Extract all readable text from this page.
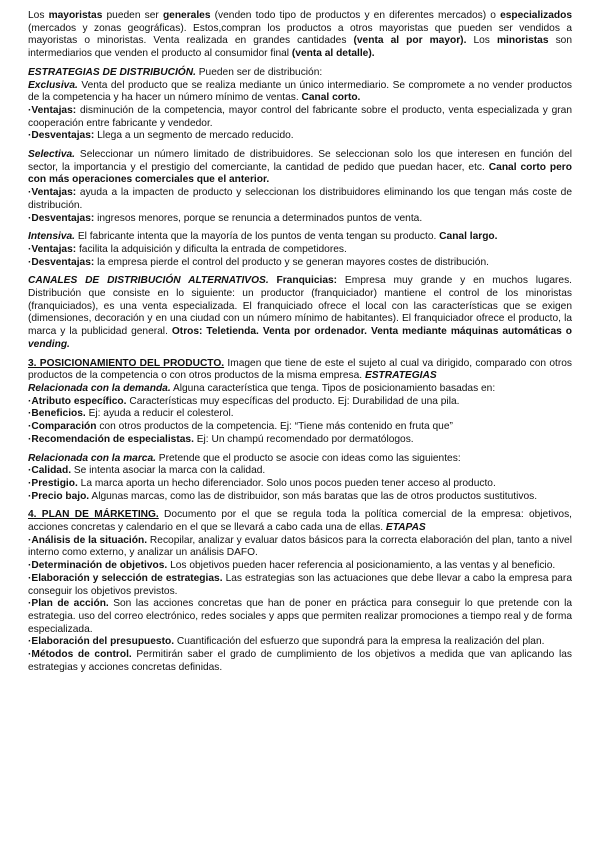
Los mayoristas pueden ser generales (venden todo tipo de productos y en diferentes mercados) o especializados (mercados y zonas geográficas). Estos,compran los productos a otros mayoristas que pueden ser vendidos a mayoristas o minoristas. Venta realizada en grandes cantidades (venta al por mayor). Los minoristas son intermediarios que venden el producto al consumidor final (venta al detalle).

ESTRATEGIAS DE DISTRIBUCIÓN. Pueden ser de distribución:

Exclusiva. Venta del producto que se realiza mediante un único intermediario. Se compromete a no vender productos de la competencia y ha hacer un número mínimo de ventas. Canal corto.

·Ventajas: disminución de la competencia, mayor control del fabricante sobre el producto, venta especializada y gran cooperación entre fabricante y vendedor.

·Desventajas: Llega a un segmento de mercado reducido.

Selectiva. Seleccionar un número limitado de distribuidores. Se seleccionan solo los que interesen en función del sector, la importancia y el prestigio del comerciante, la cantidad de pedido que puedan hacer, etc. Canal corto pero con más operaciones comerciales que el anterior.

·Ventajas: ayuda a la impacten de producto y seleccionan los distribuidores eliminando los que tengan más coste de distribución.

·Desventajas: ingresos menores, porque se renuncia a determinados puntos de venta.

Intensiva. El fabricante intenta que la mayoría de los puntos de venta tengan su producto. Canal largo.

·Ventajas: facilita la adquisición y dificulta la entrada de competidores.

·Desventajas: la empresa pierde el control del producto y se generan mayores costes de distribución.

CANALES DE DISTRIBUCIÓN ALTERNATIVOS. Franquicias: Empresa muy grande y en muchos lugares. Distribución que consiste en lo siguiente: un productor (franquiciador) mantiene el control de los minoristas (franquiciados), es una venta especializada. El franquiciado ofrece el local con las características que se exigen (dimensiones, decoración y en una ciudad con un número mínimo de habitantes). El franquiciador ofrece el producto, la marca y la publicidad general. Otros: Teletienda. Venta por ordenador. Venta mediante máquinas automáticas o vending.

3. POSICIONAMIENTO DEL PRODUCTO. Imagen que tiene de este el sujeto al cual va dirigido, comparado con otros productos de la competencia o con otros productos de la misma empresa. ESTRATEGIAS

Relacionada con la demanda. Alguna característica que tenga. Tipos de posicionamiento basadas en:

·Atributo específico. Características muy específicas del producto. Ej: Durabilidad de una pila.

·Beneficios. Ej: ayuda a reducir el colesterol.

·Comparación con otros productos de la competencia. Ej: “Tiene más contenido en fruta que”

·Recomendación de especialistas. Ej: Un champú recomendado por dermatólogos.

Relacionada con la marca. Pretende que el producto se asocie con ideas como las siguientes:

·Calidad. Se intenta asociar la marca con la calidad.

·Prestigio. La marca aporta un hecho diferenciador. Solo unos pocos pueden tener acceso al producto.

·Precio bajo. Algunas marcas, como las de distribuidor, son más baratas que las de otros productos sustitutivos.

4. PLAN DE MÁRKETING. Documento por el que se regula toda la política comercial de la empresa: objetivos, acciones concretas y calendario en el que se llevará a cabo cada una de ellas. ETAPAS

·Análisis de la situación. Recopilar, analizar y evaluar datos básicos para la correcta elaboración del plan, tanto a nivel interno como externo, y analizar un análisis DAFO.

·Determinación de objetivos. Los objetivos pueden hacer referencia al posicionamiento, a las ventas y al beneficio.

·Elaboración y selección de estrategias. Las estrategias son las actuaciones que debe llevar a cabo la empresa para conseguir los objetivos previstos.

·Plan de acción. Son las acciones concretas que han de poner en práctica para conseguir lo que pretende con la estrategia. uso del correo electrónico, redes sociales y apps que permiten realizar promociones a tiempo real y de forma especializada.

·Elaboración del presupuesto. Cuantificación del esfuerzo que supondrá para la empresa la realización del plan.

·Métodos de control. Permitirán saber el grado de cumplimiento de los objetivos a medida que van aplicando las estrategias y acciones concretas definidas.
